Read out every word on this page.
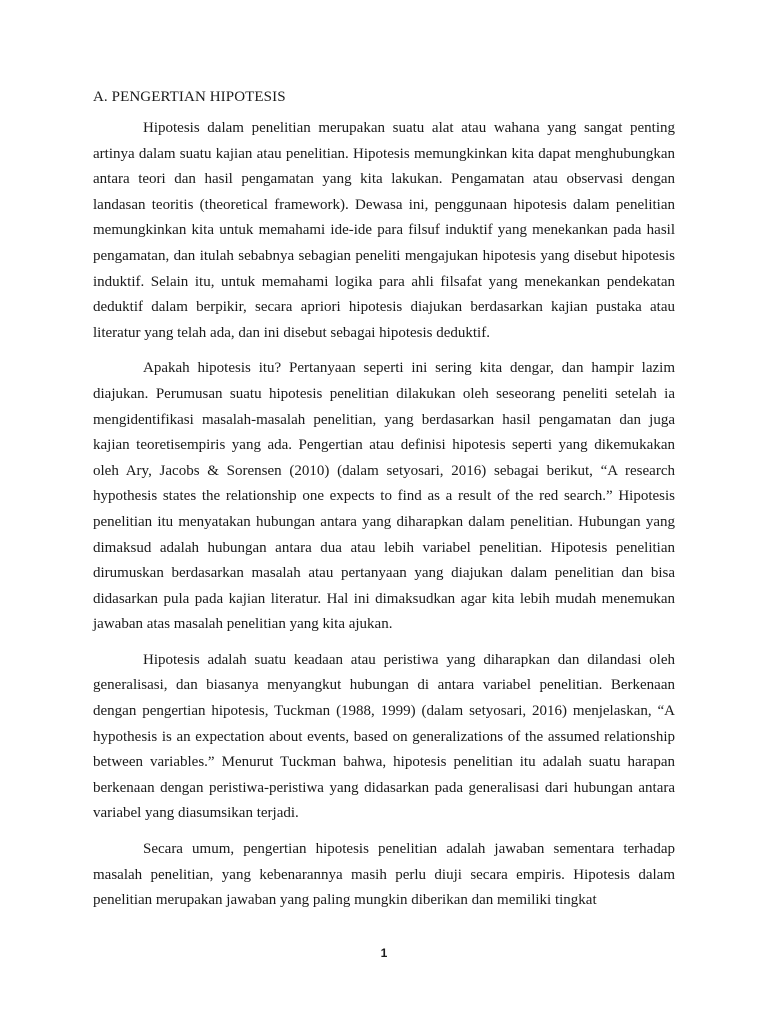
A. PENGERTIAN HIPOTESIS

Hipotesis dalam penelitian merupakan suatu alat atau wahana yang sangat penting artinya dalam suatu kajian atau penelitian. Hipotesis memungkinkan kita dapat menghubungkan antara teori dan hasil pengamatan yang kita lakukan. Pengamatan atau observasi dengan landasan teoritis (theoretical framework). Dewasa ini, penggunaan hipotesis dalam penelitian memungkinkan kita untuk memahami ide-ide para filsuf induktif yang menekankan pada hasil pengamatan, dan itulah sebabnya sebagian peneliti mengajukan hipotesis yang disebut hipotesis induktif. Selain itu, untuk memahami logika para ahli filsafat yang menekankan pendekatan deduktif dalam berpikir, secara apriori hipotesis diajukan berdasarkan kajian pustaka atau literatur yang telah ada, dan ini disebut sebagai hipotesis deduktif.

Apakah hipotesis itu? Pertanyaan seperti ini sering kita dengar, dan hampir lazim diajukan. Perumusan suatu hipotesis penelitian dilakukan oleh seseorang peneliti setelah ia mengidentifikasi masalah-masalah penelitian, yang berdasarkan hasil pengamatan dan juga kajian teoretisempiris yang ada. Pengertian atau definisi hipotesis seperti yang dikemukakan oleh Ary, Jacobs & Sorensen (2010) (dalam setyosari, 2016) sebagai berikut, “A research hypothesis states the relationship one expects to find as a result of the red search.” Hipotesis penelitian itu menyatakan hubungan antara yang diharapkan dalam penelitian. Hubungan yang dimaksud adalah hubungan antara dua atau lebih variabel penelitian. Hipotesis penelitian dirumuskan berdasarkan masalah atau pertanyaan yang diajukan dalam penelitian dan bisa didasarkan pula pada kajian literatur. Hal ini dimaksudkan agar kita lebih mudah menemukan jawaban atas masalah penelitian yang kita ajukan.

Hipotesis adalah suatu keadaan atau peristiwa yang diharapkan dan dilandasi oleh generalisasi, dan biasanya menyangkut hubungan di antara variabel penelitian. Berkenaan dengan pengertian hipotesis, Tuckman (1988, 1999) (dalam setyosari, 2016) menjelaskan, “A hypothesis is an expectation about events, based on generalizations of the assumed relationship between variables.” Menurut Tuckman bahwa, hipotesis penelitian itu adalah suatu harapan berkenaan dengan peristiwa-peristiwa yang didasarkan pada generalisasi dari hubungan antara variabel yang diasumsikan terjadi.

Secara umum, pengertian hipotesis penelitian adalah jawaban sementara terhadap masalah penelitian, yang kebenarannya masih perlu diuji secara empiris. Hipotesis dalam penelitian merupakan jawaban yang paling mungkin diberikan dan memiliki tingkat

1
